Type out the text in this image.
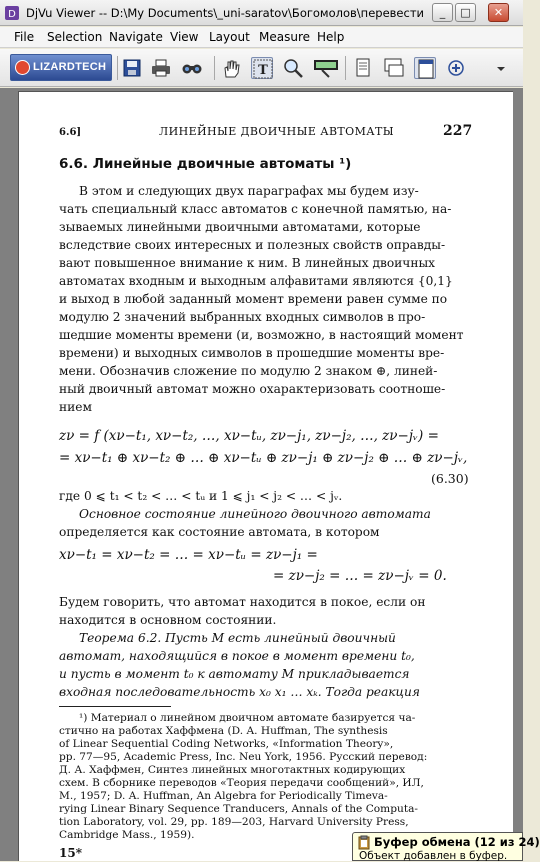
D DjVu Viewer -- D:\My Documents\_uni-saratov\Богомолов\перевести	_	□	✕
File Selection Navigate View Layout Measure Help
LIZARDTECH	T
6.6]	ЛИНЕЙНЫЕ ДВОИЧНЫЕ АВТОМАТЫ	227
6.6. Линейные двоичные автоматы ¹)
В этом и следующих двух параграфах мы будем изу-
чать специальный класс автоматов с конечной памятью, на-
зываемых линейными двоичными автоматами, которые
вследствие своих интересных и полезных свойств оправды-
вают повышенное внимание к ним. В линейных двоичных
автоматах входным и выходным алфавитами являются {0,1}
и выход в любой заданный момент времени равен сумме по
модулю 2 значений выбранных входных символов в про-
шедшие моменты времени (и, возможно, в настоящий момент
времени) и выходных символов в прошедшие моменты вре-
мени. Обозначив сложение по модулю 2 знаком ⊕, линей-
ный двоичный автомат можно охарактеризовать соотноше-
нием
zν = f (xν−t₁, xν−t₂, …, xν−tᵤ, zν−j₁, zν−j₂, …, zν−jᵥ) =
= xν−t₁ ⊕ xν−t₂ ⊕ … ⊕ xν−tᵤ ⊕ zν−j₁ ⊕ zν−j₂ ⊕ … ⊕ zν−jᵥ,
(6.30)
где 0 ⩽ t₁ < t₂ < … < tᵤ и 1 ⩽ j₁ < j₂ < … < jᵥ.
Основное состояние линейного двоичного автомата
определяется как состояние автомата, в котором
xν−t₁ = xν−t₂ = … = xν−tᵤ = zν−j₁ =
= zν−j₂ = … = zν−jᵥ = 0.
Будем говорить, что автомат находится в покое, если он
находится в основном состоянии.
Теорема 6.2. Пусть M есть линейный двоичный
автомат, находящийся в покое в момент времени t₀,
и пусть в момент t₀ к автомату M прикладывается
входная последовательность x₀ x₁ … xₖ. Тогда реакция
¹) Материал о линейном двоичном автомате базируется ча-
стично на работах Хаффмена (D. A. Huffman, The synthesis
of Linear Sequential Coding Networks, «Information Theory»,
pp. 77—95, Academic Press, Inc. Neu York, 1956. Русский перевод:
Д. А. Хаффмен, Синтез линейных многотактных кодирующих
схем. В сборнике переводов «Теория передачи сообщений», ИЛ,
М., 1957; D. A. Huffman, An Algebra for Periodically Timeva-
rying Linear Binary Sequence Tranducers, Annals of the Computa-
tion Laboratory, vol. 29, pp. 189—203, Harvard University Press,
Cambridge Mass., 1959).
15*
Буфер обмена (12 из 24)
Объект добавлен в буфер.
